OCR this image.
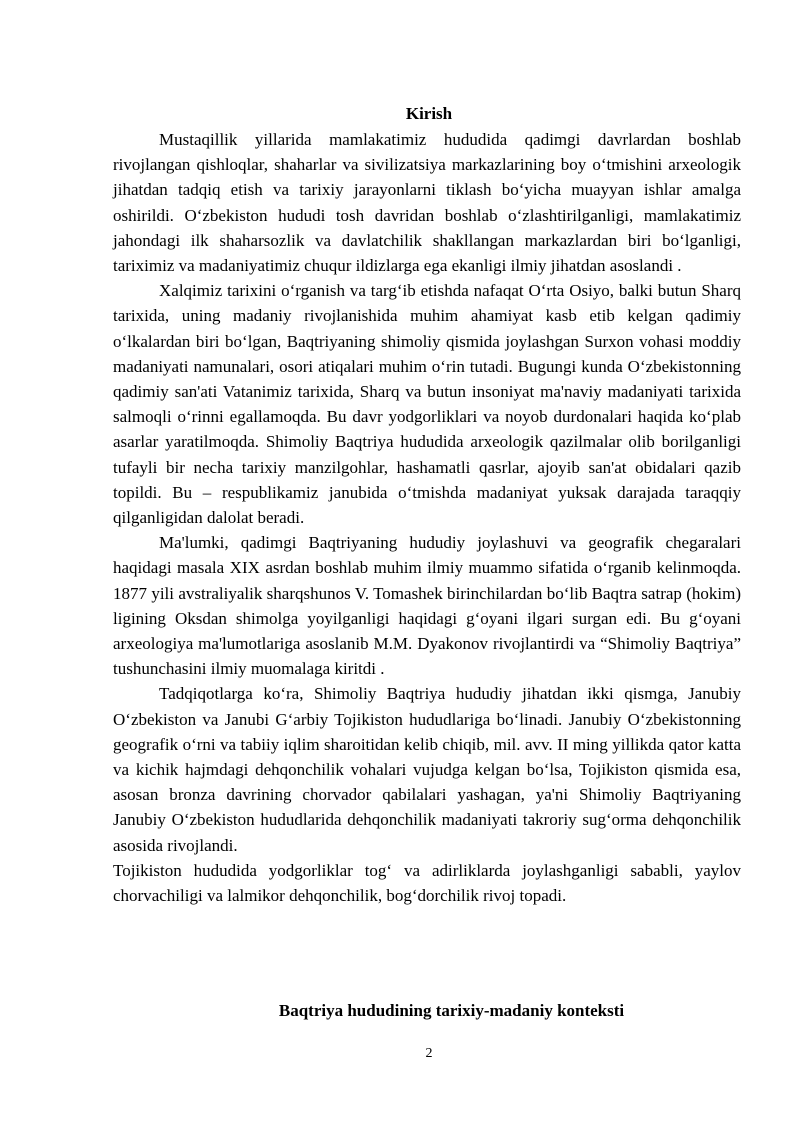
Kirish

Mustaqillik yillarida mamlakatimiz hududida qadimgi davrlardan boshlab rivojlangan qishloqlar, shaharlar va sivilizatsiya markazlarining boy o‘tmishini arxeologik jihatdan tadqiq etish va tarixiy jarayonlarni tiklash bo‘yicha muayyan ishlar amalga oshirildi. O‘zbekiston hududi tosh davridan boshlab o‘zlashtirilganligi, mamlakatimiz jahondagi ilk shaharsozlik va davlatchilik shakllangan markazlardan biri bo‘lganligi, tariximiz va madaniyatimiz chuqur ildizlarga ega ekanligi ilmiy jihatdan asoslandi .

Xalqimiz tarixini o‘rganish va targ‘ib etishda nafaqat O‘rta Osiyo, balki butun Sharq tarixida, uning madaniy rivojlanishida muhim ahamiyat kasb etib kelgan qadimiy o‘lkalardan biri bo‘lgan, Baqtriyaning shimoliy qismida joylashgan Surxon vohasi moddiy madaniyati namunalari, osori atiqalari muhim o‘rin tutadi. Bugungi kunda O‘zbekistonning qadimiy san'ati Vatanimiz tarixida, Sharq va butun insoniyat ma'naviy madaniyati tarixida salmoqli o‘rinni egallamoqda. Bu davr yodgorliklari va noyob durdonalari haqida ko‘plab asarlar yaratilmoqda. Shimoliy Baqtriya hududida arxeologik qazilmalar olib borilganligi tufayli bir necha tarixiy manzilgohlar, hashamatli qasrlar, ajoyib san'at obidalari qazib topildi. Bu – respublikamiz janubida o‘tmishda madaniyat yuksak darajada taraqqiy qilganligidan dalolat beradi.

Ma'lumki, qadimgi Baqtriyaning hududiy joylashuvi va geografik chegaralari haqidagi masala XIX asrdan boshlab muhim ilmiy muammo sifatida o‘rganib kelinmoqda. 1877 yili avstraliyalik sharqshunos V. Tomashek birinchilardan bo‘lib Baqtra satrap (hokim) ligining Oksdan shimolga yoyilganligi haqidagi g‘oyani ilgari surgan edi. Bu g‘oyani arxeologiya ma'lumotlariga asoslanib M.M. Dyakonov rivojlantirdi va “Shimoliy Baqtriya” tushunchasini ilmiy muomalaga kiritdi .

Tadqiqotlarga ko‘ra, Shimoliy Baqtriya hududiy jihatdan ikki qismga, Janubiy O‘zbekiston va Janubi G‘arbiy Tojikiston hududlariga bo‘linadi. Janubiy O‘zbekistonning geografik o‘rni va tabiiy iqlim sharoitidan kelib chiqib, mil. avv. II ming yillikda qator katta va kichik hajmdagi dehqonchilik vohalari vujudga kelgan bo‘lsa, Tojikiston qismida esa, asosan bronza davrining chorvador qabilalari yashagan, ya'ni Shimoliy Baqtriyaning Janubiy O‘zbekiston hududlarida dehqonchilik madaniyati takroriy sug‘orma dehqonchilik asosida rivojlandi.

Tojikiston hududida yodgorliklar tog‘ va adirliklarda joylashganligi sababli, yaylov chorvachiligi va lalmikor dehqonchilik, bog‘dorchilik rivoj topadi.

Baqtriya hududining tarixiy-madaniy konteksti
2
